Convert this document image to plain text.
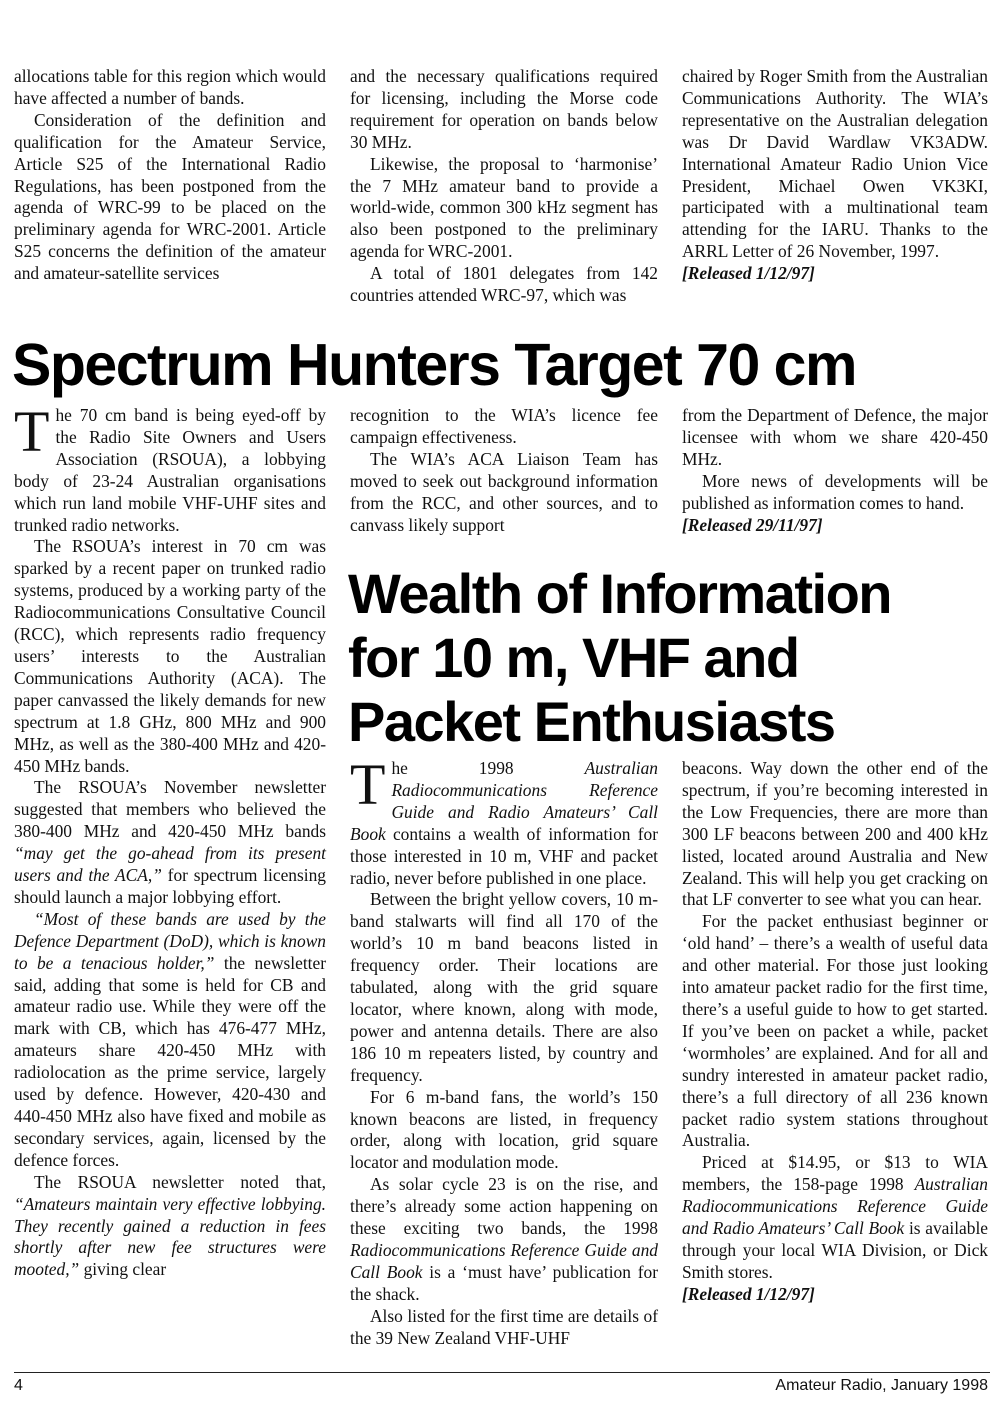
allocations table for this region which would have affected a number of bands.

Consideration of the definition and qualification for the Amateur Service, Article S25 of the International Radio Regulations, has been postponed from the agenda of WRC-99 to be placed on the preliminary agenda for WRC-2001. Article S25 concerns the definition of the amateur and amateur-satellite services

and the necessary qualifications required for licensing, including the Morse code requirement for operation on bands below 30 MHz.

Likewise, the proposal to ‘harmonise’ the 7 MHz amateur band to provide a world-wide, common 300 kHz segment has also been postponed to the preliminary agenda for WRC-2001.

A total of 1801 delegates from 142 countries attended WRC-97, which was

chaired by Roger Smith from the Australian Communications Authority. The WIA’s representative on the Australian delegation was Dr David Wardlaw VK3ADW. International Amateur Radio Union Vice President, Michael Owen VK3KI, participated with a multinational team attending for the IARU. Thanks to the ARRL Letter of 26 November, 1997.

[Released 1/12/97]

Spectrum Hunters Target 70 cm

The 70 cm band is being eyed-off by the Radio Site Owners and Users Association (RSOUA), a lobbying body of 23-24 Australian organisations which run land mobile VHF-UHF sites and trunked radio networks.

The RSOUA’s interest in 70 cm was sparked by a recent paper on trunked radio systems, produced by a working party of the Radiocommunications Consultative Council (RCC), which represents radio frequency users’ interests to the Australian Communications Authority (ACA). The paper canvassed the likely demands for new spectrum at 1.8 GHz, 800 MHz and 900 MHz, as well as the 380-400 MHz and 420-450 MHz bands.

The RSOUA’s November newsletter suggested that members who believed the 380-400 MHz and 420-450 MHz bands “may get the go-ahead from its present users and the ACA,” for spectrum licensing should launch a major lobbying effort.

“Most of these bands are used by the Defence Department (DoD), which is known to be a tenacious holder,” the newsletter said, adding that some is held for CB and amateur radio use. While they were off the mark with CB, which has 476-477 MHz, amateurs share 420-450 MHz with radiolocation as the prime service, largely used by defence. However, 420-430 and 440-450 MHz also have fixed and mobile as secondary services, again, licensed by the defence forces.

The RSOUA newsletter noted that, “Amateurs maintain very effective lobbying. They recently gained a reduction in fees shortly after new fee structures were mooted,” giving clear

recognition to the WIA’s licence fee campaign effectiveness.

The WIA’s ACA Liaison Team has moved to seek out background information from the RCC, and other sources, and to canvass likely support

from the Department of Defence, the major licensee with whom we share 420-450 MHz.

More news of developments will be published as information comes to hand.

[Released 29/11/97]

Wealth of Information
for 10 m, VHF and
Packet Enthusiasts

The 1998 Australian Radiocommunications Reference Guide and Radio Amateurs’ Call Book contains a wealth of information for those interested in 10 m, VHF and packet radio, never before published in one place.

Between the bright yellow covers, 10 m-band stalwarts will find all 170 of the world’s 10 m band beacons listed in frequency order. Their locations are tabulated, along with the grid square locator, where known, along with mode, power and antenna details. There are also 186 10 m repeaters listed, by country and frequency.

For 6 m-band fans, the world’s 150 known beacons are listed, in frequency order, along with location, grid square locator and modulation mode.

As solar cycle 23 is on the rise, and there’s already some action happening on these exciting two bands, the 1998 Radiocommunications Reference Guide and Call Book is a ‘must have’ publication for the shack.

Also listed for the first time are details of the 39 New Zealand VHF-UHF

beacons. Way down the other end of the spectrum, if you’re becoming interested in the Low Frequencies, there are more than 300 LF beacons between 200 and 400 kHz listed, located around Australia and New Zealand. This will help you get cracking on that LF converter to see what you can hear.

For the packet enthusiast beginner or ‘old hand’ – there’s a wealth of useful data and other material. For those just looking into amateur packet radio for the first time, there’s a useful guide to how to get started. If you’ve been on packet a while, packet ‘wormholes’ are explained. And for all and sundry interested in amateur packet radio, there’s a full directory of all 236 known packet radio system stations throughout Australia.

Priced at $14.95, or $13 to WIA members, the 158-page 1998 Australian Radiocommunications Reference Guide and Radio Amateurs’ Call Book is available through your local WIA Division, or Dick Smith stores.

[Released 1/12/97]

4	Amateur Radio, January 1998
